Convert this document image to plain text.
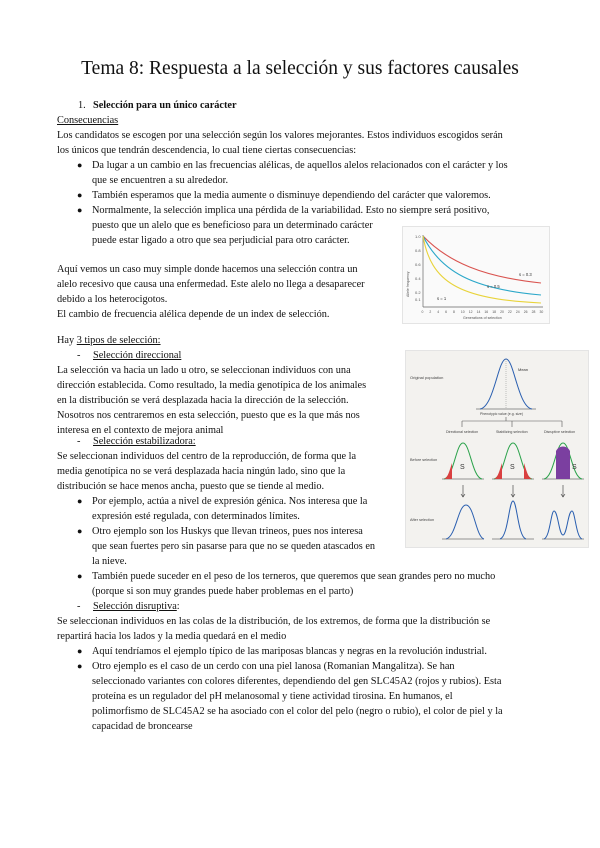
Tema 8: Respuesta a la selección y sus factores causales
1. Selección para un único carácter
Consecuencias
Los candidatos se escogen por una selección según los valores mejorantes. Estos individuos escogidos serán
los únicos que tendrán descendencia, lo cual tiene ciertas consecuencias:
● Da lugar a un cambio en las frecuencias alélicas, de aquellos alelos relacionados con el carácter y los
que se encuentren a su alrededor.
● También esperamos que la media aumente o disminuye dependiendo del carácter que valoremos.
● Normalmente, la selección implica una pérdida de la variabilidad. Esto no siempre será positivo,
puesto que un alelo que es beneficioso para un determinado carácter
puede estar ligado a otro que sea perjudicial para otro carácter.
Aquí vemos un caso muy simple donde hacemos una selección contra un
alelo recesivo que causa una enfermedad. Este alelo no llega a desaparecer
debido a los heterocigotos.
El cambio de frecuencia alélica depende de un index de selección.
1.0
0.8
0.6
0.4
0.2
0.1
Allele frequency
0 2 4 6 8 10 12 14 16 18 20 22 24 26 28 30
Generations of selection
s = 0.3
s = 0.5
s = 1
Hay 3 tipos de selección:
- Selección direccional
La selección va hacia un lado u otro, se seleccionan individuos con una
dirección establecida. Como resultado, la media genotípica de los animales
en la distribución se verá desplazada hacia la dirección de la selección.
Nosotros nos centraremos en esta selección, puesto que es la que más nos
interesa en el contexto de mejora animal
- Selección estabilizadora:
Se seleccionan individuos del centro de la reproducción, de forma que la
media genotípica no se verá desplazada hacia ningún lado, sino que la
distribución se hace menos ancha, puesto que se tiende al medio.
● Por ejemplo, actúa a nivel de expresión génica. Nos interesa que la
expresión esté regulada, con determinados límites.
● Otro ejemplo son los Huskys que llevan trineos, pues nos interesa
que sean fuertes pero sin pasarse para que no se queden atascados en
la nieve.
● También puede suceder en el peso de los terneros, que queremos que sean grandes pero no mucho
(porque si son muy grandes puede haber problemas en el parto)
- Selección disruptiva:
Se seleccionan individuos en las colas de la distribución, de los extremos, de forma que la distribución se
repartirá hacia los lados y la media quedará en el medio
● Aquí tendríamos el ejemplo típico de las mariposas blancas y negras en la revolución industrial.
● Otro ejemplo es el caso de un cerdo con una piel lanosa (Romanian Mangalitza). Se han
seleccionado variantes con colores diferentes, dependiendo del gen SLC45A2 (rojos y rubios). Esta
proteína es un regulador del pH melanosomal y tiene actividad tirosina. En humanos, el
polimorfismo de SLC45A2 se ha asociado con el color del pelo (negro o rubio), el color de piel y la
capacidad de broncearse
Original population
Mean
Phenotypic value (e.g. size)
Directional selection	Stabilizing selection	Disruptive selection
Before selection
After selection
S	S	S
